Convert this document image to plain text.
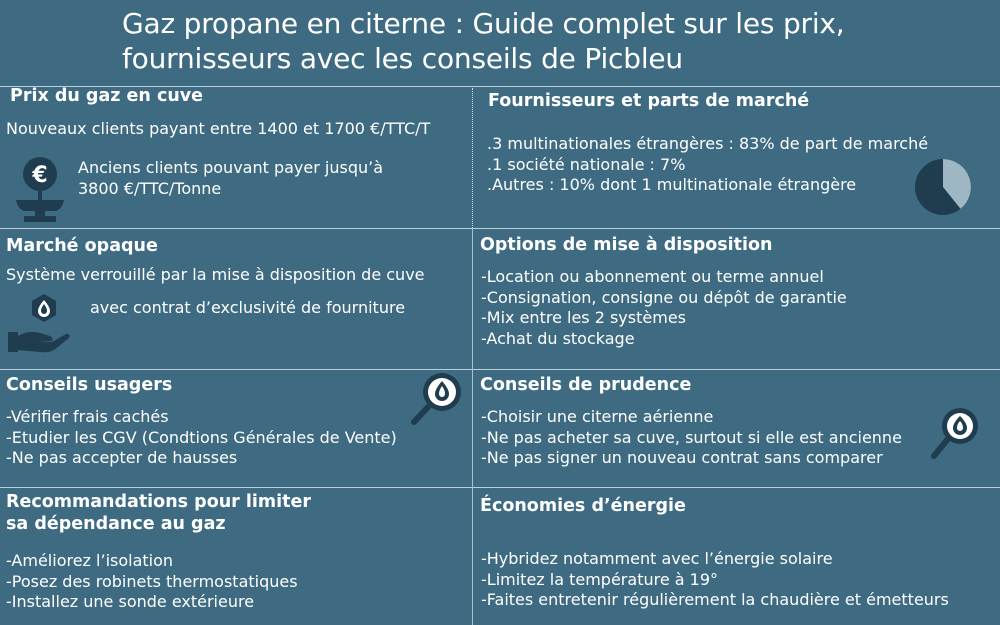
Gaz propane en citerne : Guide complet sur les prix,
fournisseurs avec les conseils de Picbleu
Prix du gaz en cuve
Nouveaux clients payant entre 1400 et 1700 €/TTC/T
Anciens clients pouvant payer jusqu’à
3800 €/TTC/Tonne
€
Fournisseurs et parts de marché
.3 multinationales étrangères : 83% de part de marché
.1 société nationale : 7%
.Autres : 10% dont 1 multinationale étrangère
Marché opaque
Système verrouillé par la mise à disposition de cuve
avec contrat d’exclusivité de fourniture
Options de mise à disposition
-Location ou abonnement ou terme annuel
-Consignation, consigne ou dépôt de garantie
-Mix entre les 2 systèmes
-Achat du stockage
Conseils usagers
-Vérifier frais cachés
-Etudier les CGV (Condtions Générales de Vente)
-Ne pas accepter de hausses
Conseils de prudence
-Choisir une citerne aérienne
-Ne pas acheter sa cuve, surtout si elle est ancienne
-Ne pas signer un nouveau contrat sans comparer
Recommandations pour limiter
sa dépendance au gaz
-Améliorez l’isolation
-Posez des robinets thermostatiques
-Installez une sonde extérieure
Économies d’énergie
-Hybridez notamment avec l’énergie solaire
-Limitez la température à 19°
-Faites entretenir régulièrement la chaudière et émetteurs
